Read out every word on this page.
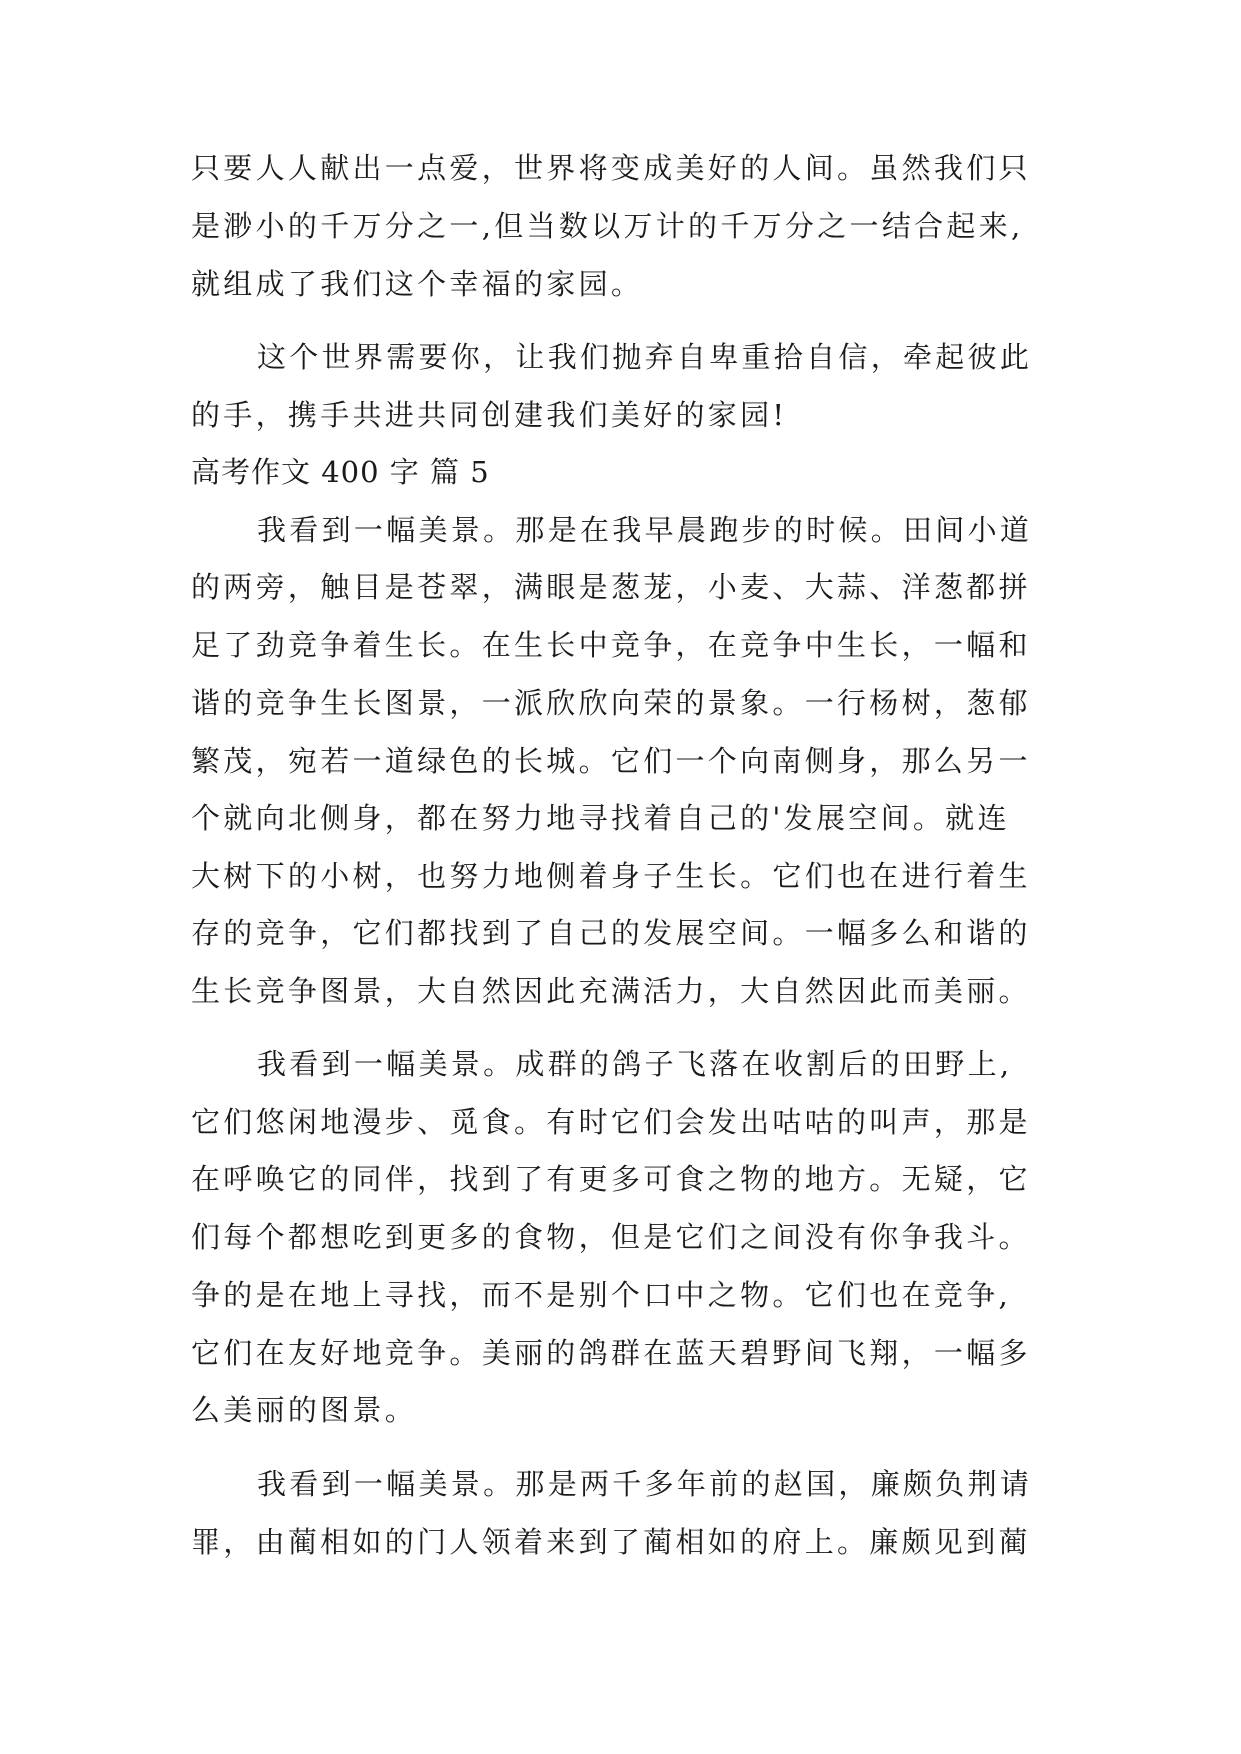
只要人人献出一点爱，世界将变成美好的人间。虽然我们只
是渺小的千万分之一,但当数以万计的千万分之一结合起来,
就组成了我们这个幸福的家园。
这个世界需要你，让我们抛弃自卑重拾自信，牵起彼此
的手，携手共进共同创建我们美好的家园!
高考作文 400 字 篇 5
我看到一幅美景。那是在我早晨跑步的时候。田间小道
的两旁，触目是苍翠，满眼是葱茏，小麦、大蒜、洋葱都拼
足了劲竞争着生长。在生长中竞争，在竞争中生长，一幅和
谐的竞争生长图景，一派欣欣向荣的景象。一行杨树，葱郁
繁茂，宛若一道绿色的长城。它们一个向南侧身，那么另一
个就向北侧身，都在努力地寻找着自己的'发展空间。就连
大树下的小树，也努力地侧着身子生长。它们也在进行着生
存的竞争，它们都找到了自己的发展空间。一幅多么和谐的
生长竞争图景，大自然因此充满活力，大自然因此而美丽。
我看到一幅美景。成群的鸽子飞落在收割后的田野上,
它们悠闲地漫步、觅食。有时它们会发出咕咕的叫声，那是
在呼唤它的同伴，找到了有更多可食之物的地方。无疑，它
们每个都想吃到更多的食物，但是它们之间没有你争我斗。
争的是在地上寻找，而不是别个口中之物。它们也在竞争,
它们在友好地竞争。美丽的鸽群在蓝天碧野间飞翔，一幅多
么美丽的图景。
我看到一幅美景。那是两千多年前的赵国，廉颇负荆请
罪，由蔺相如的门人领着来到了蔺相如的府上。廉颇见到蔺
